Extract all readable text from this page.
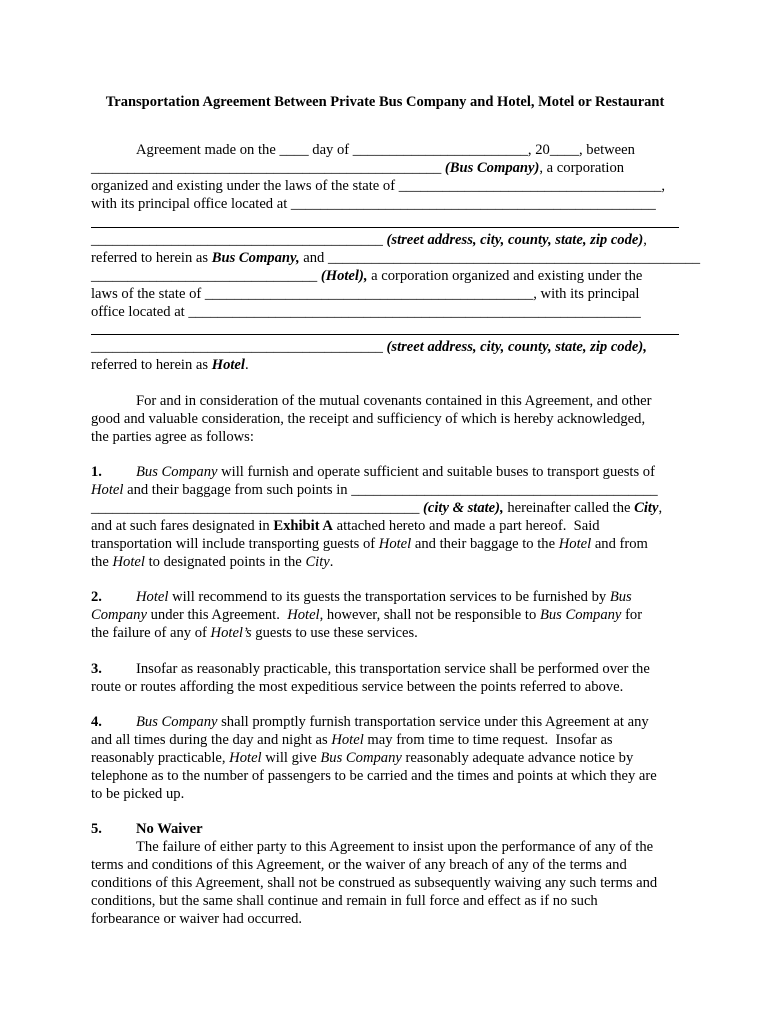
Transportation Agreement Between Private Bus Company and Hotel, Motel or Restaurant
Agreement made on the ____ day of ________________________, 20____, between
________________________________________________ (Bus Company), a corporation
organized and existing under the laws of the state of ____________________________________,
with its principal office located at __________________________________________________
________________________________________ (street address, city, county, state, zip code),
referred to herein as Bus Company, and ___________________________________________________
_______________________________ (Hotel), a corporation organized and existing under the
laws of the state of _____________________________________________, with its principal
office located at ______________________________________________________________
________________________________________ (street address, city, county, state, zip code),
referred to herein as Hotel.
For and in consideration of the mutual covenants contained in this Agreement, and other
good and valuable consideration, the receipt and sufficiency of which is hereby acknowledged,
the parties agree as follows:
1. Bus Company will furnish and operate sufficient and suitable buses to transport guests of
Hotel and their baggage from such points in __________________________________________
_____________________________________________ (city & state), hereinafter called the City,
and at such fares designated in Exhibit A attached hereto and made a part hereof.  Said
transportation will include transporting guests of Hotel and their baggage to the Hotel and from
the Hotel to designated points in the City.
2. Hotel will recommend to its guests the transportation services to be furnished by Bus
Company under this Agreement.  Hotel, however, shall not be responsible to Bus Company for
the failure of any of Hotel’s guests to use these services.
3. Insofar as reasonably practicable, this transportation service shall be performed over the
route or routes affording the most expeditious service between the points referred to above.
4. Bus Company shall promptly furnish transportation service under this Agreement at any
and all times during the day and night as Hotel may from time to time request.  Insofar as
reasonably practicable, Hotel will give Bus Company reasonably adequate advance notice by
telephone as to the number of passengers to be carried and the times and points at which they are
to be picked up.
5. No Waiver
The failure of either party to this Agreement to insist upon the performance of any of the
terms and conditions of this Agreement, or the waiver of any breach of any of the terms and
conditions of this Agreement, shall not be construed as subsequently waiving any such terms and
conditions, but the same shall continue and remain in full force and effect as if no such
forbearance or waiver had occurred.
